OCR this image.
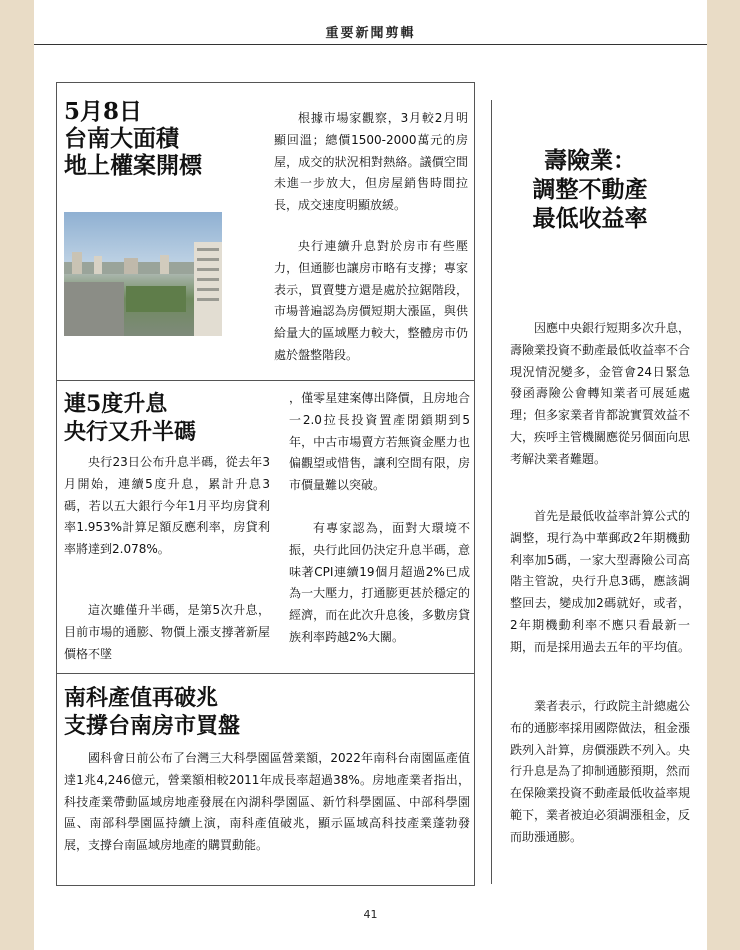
重要新聞剪輯
5月8日
台南大面積
地上權案開標

根據市場家觀察，3月較2月明顯回溫；總價1500-2000萬元的房屋，成交的狀況相對熱絡。議價空間未進一步放大，但房屋銷售時間拉長，成交速度明顯放緩。

央行連續升息對於房市有些壓力，但通膨也讓房市略有支撐；專家表示，買賣雙方還是處於拉鋸階段，市場普遍認為房價短期大漲區，與供給量大的區域壓力較大，整體房市仍處於盤整階段。

連5度升息
央行又升半碼

央行23日公布升息半碼，從去年3月開始，連續5度升息，累計升息3碼，若以五大銀行今年1月平均房貸利率1.953%計算足額反應利率，房貸利率將達到2.078%。

這次雖僅升半碼，是第5次升息，目前市場的通膨、物價上漲支撐著新屋價格不墜

，僅零星建案傳出降價，且房地合一2.0拉長投資置產閉鎖期到5年，中古市場賣方若無資金壓力也偏觀望或惜售，讓利空間有限，房市價量難以突破。

有專家認為，面對大環境不振，央行此回仍決定升息半碼，意味著CPI連續19個月超過2%已成為一大壓力，打通膨更甚於穩定的經濟，而在此次升息後，多數房貸族利率跨越2%大關。

南科產值再破兆
支撐台南房市買盤

國科會日前公布了台灣三大科學園區營業額，2022年南科台南園區產值達1兆4,246億元，營業額相較2011年成長率超過38%。房地產業者指出，科技產業帶動區域房地產發展在內湖科學園區、新竹科學園區、中部科學園區、南部科學園區持續上演，南科產值破兆，顯示區域高科技產業蓬勃發展，支撐台南區域房地產的購買動能。

壽險業：
調整不動產
最低收益率

因應中央銀行短期多次升息，壽險業投資不動產最低收益率不合現況情況變多，金管會24日緊急發函壽險公會轉知業者可展延處理；但多家業者肯都說實質效益不大，疾呼主管機關應從另個面向思考解決業者難題。

首先是最低收益率計算公式的調整，現行為中華郵政2年期機動利率加5碼，一家大型壽險公司高階主管說，央行升息3碼，應該調整回去，變成加2碼就好，或者，2年期機動利率不應只看最新一期，而是採用過去五年的平均值。

業者表示，行政院主計總處公布的通膨率採用國際做法，租金漲跌列入計算，房價漲跌不列入。央行升息是為了抑制通膨預期，然而在保險業投資不動產最低收益率規範下，業者被迫必須調漲租金，反而助漲通膨。

41
